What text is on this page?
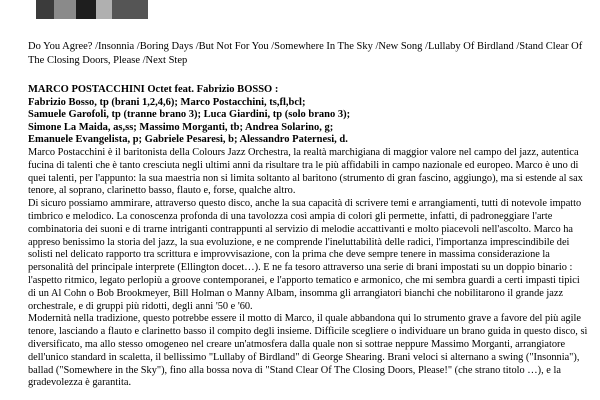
Do You Agree? /Insonnia /Boring Days /But Not For You /Somewhere In The Sky /New Song /Lullaby Of Birdland /Stand Clear Of The Closing Doors, Please /Next Step

MARCO POSTACCHINI Octet feat. Fabrizio BOSSO :
Fabrizio Bosso, tp (brani 1,2,4,6); Marco Postacchini, ts,fl,bcl;
Samuele Garofoli, tp (tranne brano 3); Luca Giardini, tp (solo brano 3);
Simone La Maida, as,ss; Massimo Morganti, tb; Andrea Solarino, g;
Emanuele Evangelista, p; Gabriele Pesaresi, b; Alessandro Paternesi, d.

Marco Postacchini è il baritonista della Colours Jazz Orchestra, la realtà marchigiana di maggior valore nel campo del jazz, autentica fucina di talenti che è tanto cresciuta negli ultimi anni da risultare tra le più affidabili in campo nazionale ed europeo. Marco è uno di quei talenti, per l'appunto: la sua maestria non si limita soltanto al baritono (strumento di gran fascino, aggiungo), ma si estende al sax tenore, al soprano, clarinetto basso, flauto e, forse, qualche altro.

Di sicuro possiamo ammirare, attraverso questo disco, anche la sua capacità di scrivere temi e arrangiamenti, tutti di notevole impatto timbrico e melodico. La conoscenza profonda di una tavolozza così ampia di colori gli permette, infatti, di padroneggiare l'arte combinatoria dei suoni e di trarne intriganti contrappunti al servizio di melodie accattivanti e molto piacevoli nell'ascolto. Marco ha appreso benissimo la storia del jazz, la sua evoluzione, e ne comprende l'ineluttabilità delle radici, l'importanza imprescindibile dei solisti nel delicato rapporto tra scrittura e improvvisazione, con la prima che deve sempre tenere in massima considerazione la personalità del principale interprete (Ellington docet…). E ne fa tesoro attraverso una serie di brani impostati su un doppio binario : l'aspetto ritmico, legato perlopiù a groove contemporanei, e l'apporto tematico e armonico, che mi sembra guardi a certi impasti tipici di un Al Cohn o Bob Brookmeyer, Bill Holman o Manny Albam, insomma gli arrangiatori bianchi che nobilitarono il grande jazz orchestrale, e di gruppi più ridotti, degli anni '50 e '60.

Modernità nella tradizione, questo potrebbe essere il motto di Marco, il quale abbandona qui lo strumento grave a favore del più agile tenore, lasciando a flauto e clarinetto basso il compito degli insieme. Difficile scegliere o individuare un brano guida in questo disco, sì diversificato, ma allo stesso omogeneo nel creare un'atmosfera dalla quale non si sottrae neppure Massimo Morganti, arrangiatore dell'unico standard in scaletta, il bellissimo "Lullaby of Birdland" di George Shearing. Brani veloci si alternano a swing ("Insonnia"), ballad ("Somewhere in the Sky"), fino alla bossa nova di "Stand Clear Of The Closing Doors, Please!" (che strano titolo …), e la gradevolezza è garantita.
